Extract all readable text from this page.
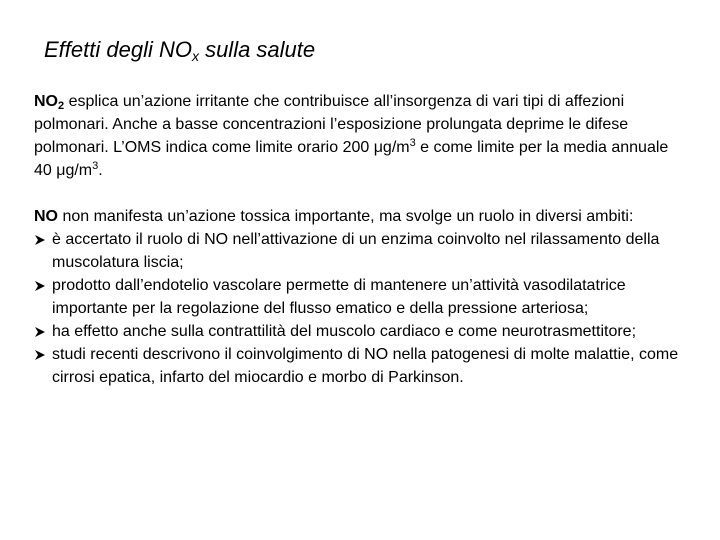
Effetti degli $NO_x$ sulla salute

$NO_2$ esplica un’azione irritante che contribuisce all’insorgenza di vari tipi di affezioni polmonari. Anche a basse concentrazioni l’esposizione prolungata deprime le difese polmonari. L’OMS indica come limite orario 200 $\mu g/m^3$ e come limite per la media annuale 40 $\mu g/m^3$.

NO non manifesta un’azione tossica importante, ma svolge un ruolo in diversi ambiti:

è accertato il ruolo di NO nell’attivazione di un enzima coinvolto nel rilassamento della muscolatura liscia;
prodotto dall’endotelio vascolare permette di mantenere un’attività vasodilatatrice importante per la regolazione del flusso ematico e della pressione arteriosa;
ha effetto anche sulla contrattilità del muscolo cardiaco e come neurotrasmettitore;
studi recenti descrivono il coinvolgimento di NO nella patogenesi di molte malattie, come cirrosi epatica, infarto del miocardio e morbo di Parkinson.
